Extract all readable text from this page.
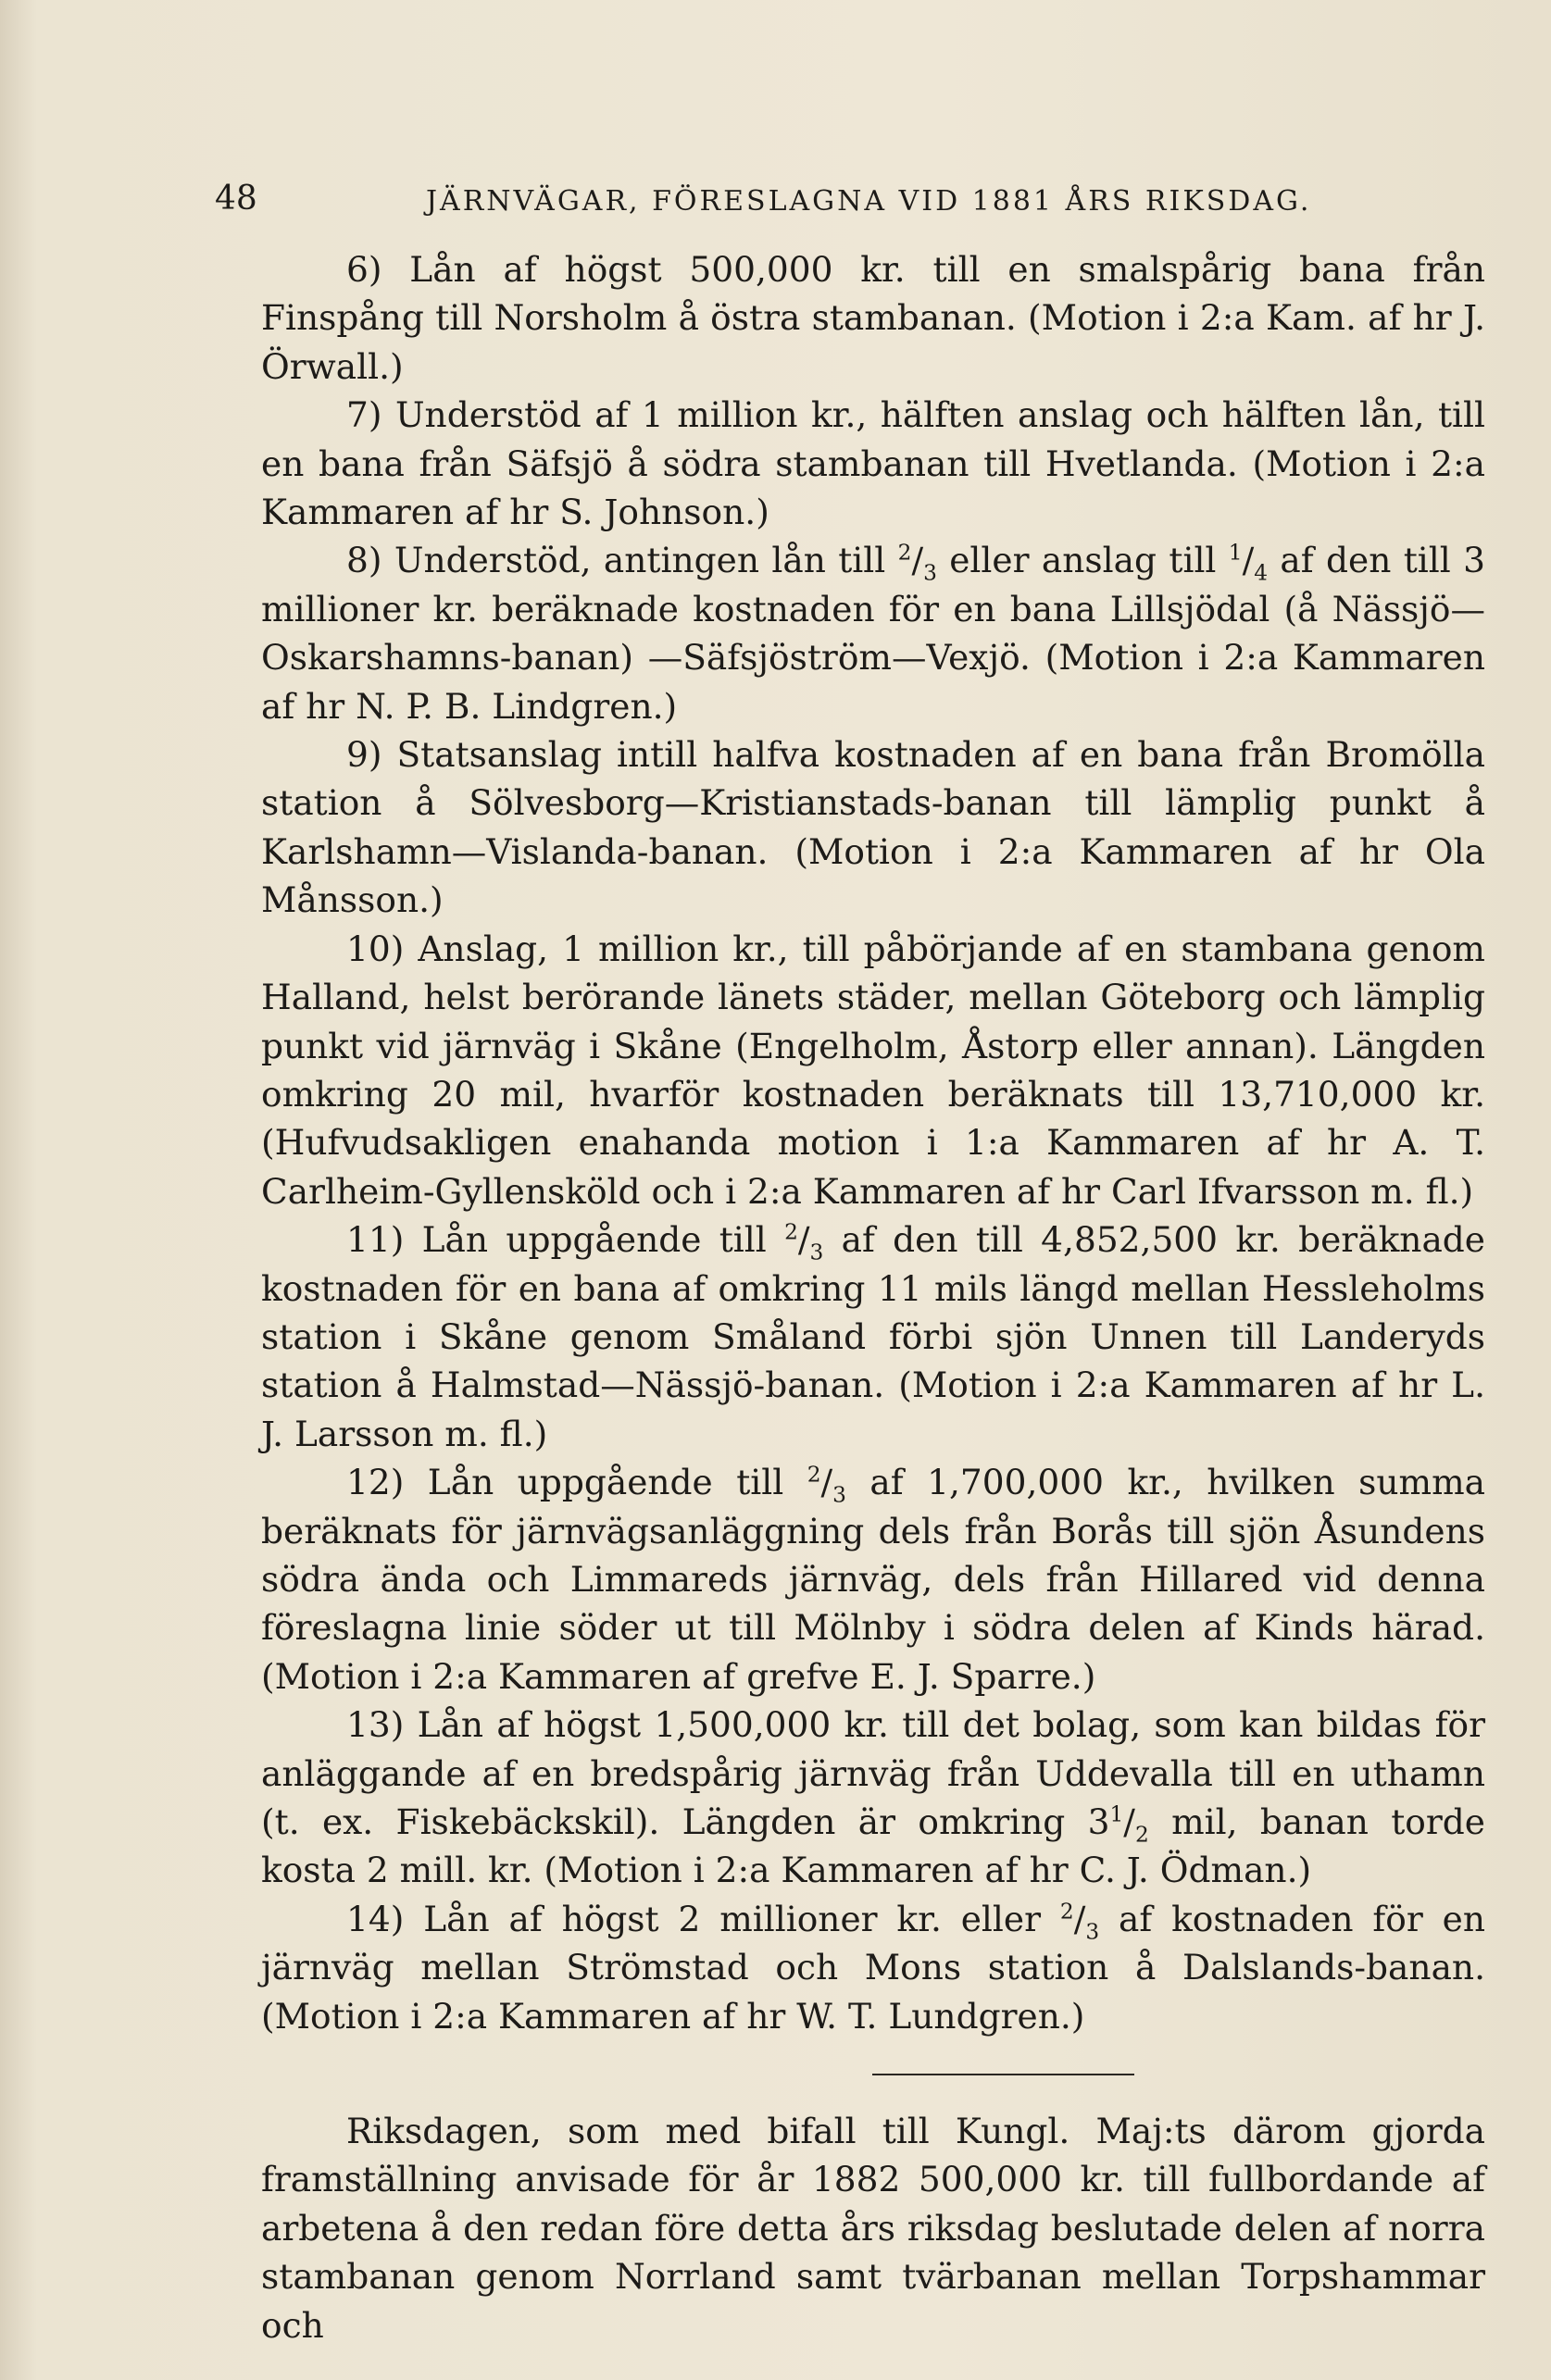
48	JÄRNVÄGAR, FÖRESLAGNA VID 1881 ÅRS RIKSDAG.

6) Lån af högst 500,000 kr. till en smalspårig bana från Finspång till Norsholm å östra stambanan. (Motion i 2:a Kam. af hr J. Örwall.)

7) Understöd af 1 million kr., hälften anslag och hälften lån, till en bana från Säfsjö å södra stambanan till Hvetlanda. (Motion i 2:a Kammaren af hr S. Johnson.)

8) Understöd, antingen lån till $^2/_3$ eller anslag till $^1/_4$ af den till 3 millioner kr. beräknade kostnaden för en bana Lillsjödal (å Nässjö—Oskarshamns-banan) —Säfsjöström—Vexjö. (Motion i 2:a Kammaren af hr N. P. B. Lindgren.)

9) Statsanslag intill halfva kostnaden af en bana från Bromölla station å Sölvesborg—Kristianstads-banan till lämplig punkt å Karlshamn—Vislanda-banan. (Motion i 2:a Kammaren af hr Ola Månsson.)

10) Anslag, 1 million kr., till påbörjande af en stambana genom Halland, helst berörande länets städer, mellan Göteborg och lämplig punkt vid järnväg i Skåne (Engelholm, Åstorp eller annan). Längden omkring 20 mil, hvarför kostnaden beräknats till 13,710,000 kr. (Hufvudsakligen enahanda motion i 1:a Kammaren af hr A. T. Carlheim-Gyllensköld och i 2:a Kammaren af hr Carl Ifvarsson m. fl.)

11) Lån uppgående till $^2/_3$ af den till 4,852,500 kr. beräknade kostnaden för en bana af omkring 11 mils längd mellan Hessleholms station i Skåne genom Småland förbi sjön Unnen till Landeryds station å Halmstad—Nässjö-banan. (Motion i 2:a Kammaren af hr L. J. Larsson m. fl.)

12) Lån uppgående till $^2/_3$ af 1,700,000 kr., hvilken summa beräknats för järnvägsanläggning dels från Borås till sjön Åsundens södra ända och Limmareds järnväg, dels från Hillared vid denna föreslagna linie söder ut till Mölnby i södra delen af Kinds härad. (Motion i 2:a Kammaren af grefve E. J. Sparre.)

13) Lån af högst 1,500,000 kr. till det bolag, som kan bildas för anläggande af en bredspårig järnväg från Uddevalla till en uthamn (t. ex. Fiskebäckskil). Längden är omkring $3^1/_2$ mil, banan torde kosta 2 mill. kr. (Motion i 2:a Kammaren af hr C. J. Ödman.)

14) Lån af högst 2 millioner kr. eller $^2/_3$ af kostnaden för en järnväg mellan Strömstad och Mons station å Dalslands-banan. (Motion i 2:a Kammaren af hr W. T. Lundgren.)

Riksdagen, som med bifall till Kungl. Maj:ts därom gjorda framställning anvisade för år 1882 500,000 kr. till fullbordande af arbetena å den redan före detta års riksdag beslutade delen af norra stambanan genom Norrland samt tvärbanan mellan Torpshammar och
